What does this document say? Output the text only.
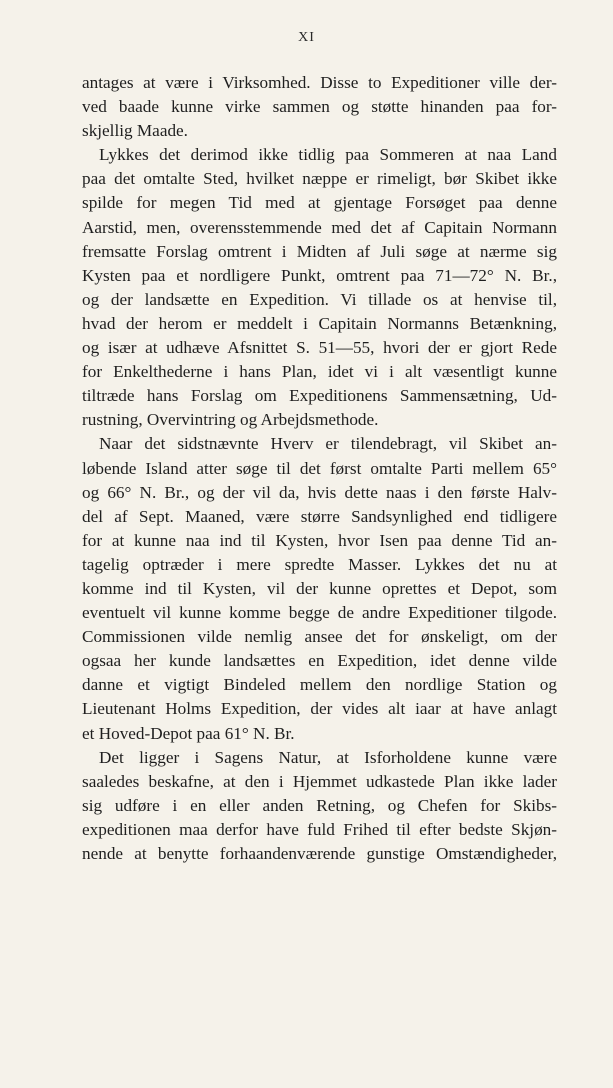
XI
antages at være i Virksomhed. Disse to Expeditioner ville der-
ved baade kunne virke sammen og støtte hinanden paa for-
skjellig Maade.
Lykkes det derimod ikke tidlig paa Sommeren at naa Land
paa det omtalte Sted, hvilket næppe er rimeligt, bør Skibet ikke
spilde for megen Tid med at gjentage Forsøget paa denne
Aarstid, men, overensstemmende med det af Capitain Normann
fremsatte Forslag omtrent i Midten af Juli søge at nærme sig
Kysten paa et nordligere Punkt, omtrent paa 71—72° N. Br.,
og der landsætte en Expedition. Vi tillade os at henvise til,
hvad der herom er meddelt i Capitain Normanns Betænkning,
og især at udhæve Afsnittet S. 51—55, hvori der er gjort Rede
for Enkelthederne i hans Plan, idet vi i alt væsentligt kunne
tiltræde hans Forslag om Expeditionens Sammensætning, Ud-
rustning, Overvintring og Arbejdsmethode.
Naar det sidstnævnte Hverv er tilendebragt, vil Skibet an-
løbende Island atter søge til det først omtalte Parti mellem 65°
og 66° N. Br., og der vil da, hvis dette naas i den første Halv-
del af Sept. Maaned, være større Sandsynlighed end tidligere
for at kunne naa ind til Kysten, hvor Isen paa denne Tid an-
tagelig optræder i mere spredte Masser. Lykkes det nu at
komme ind til Kysten, vil der kunne oprettes et Depot, som
eventuelt vil kunne komme begge de andre Expeditioner tilgode.
Commissionen vilde nemlig ansee det for ønskeligt, om der
ogsaa her kunde landsættes en Expedition, idet denne vilde
danne et vigtigt Bindeled mellem den nordlige Station og
Lieutenant Holms Expedition, der vides alt iaar at have anlagt
et Hoved-Depot paa 61° N. Br.
Det ligger i Sagens Natur, at Isforholdene kunne være
saaledes beskafne, at den i Hjemmet udkastede Plan ikke lader
sig udføre i en eller anden Retning, og Chefen for Skibs-
expeditionen maa derfor have fuld Frihed til efter bedste Skjøn-
nende at benytte forhaandenværende gunstige Omstændigheder,
